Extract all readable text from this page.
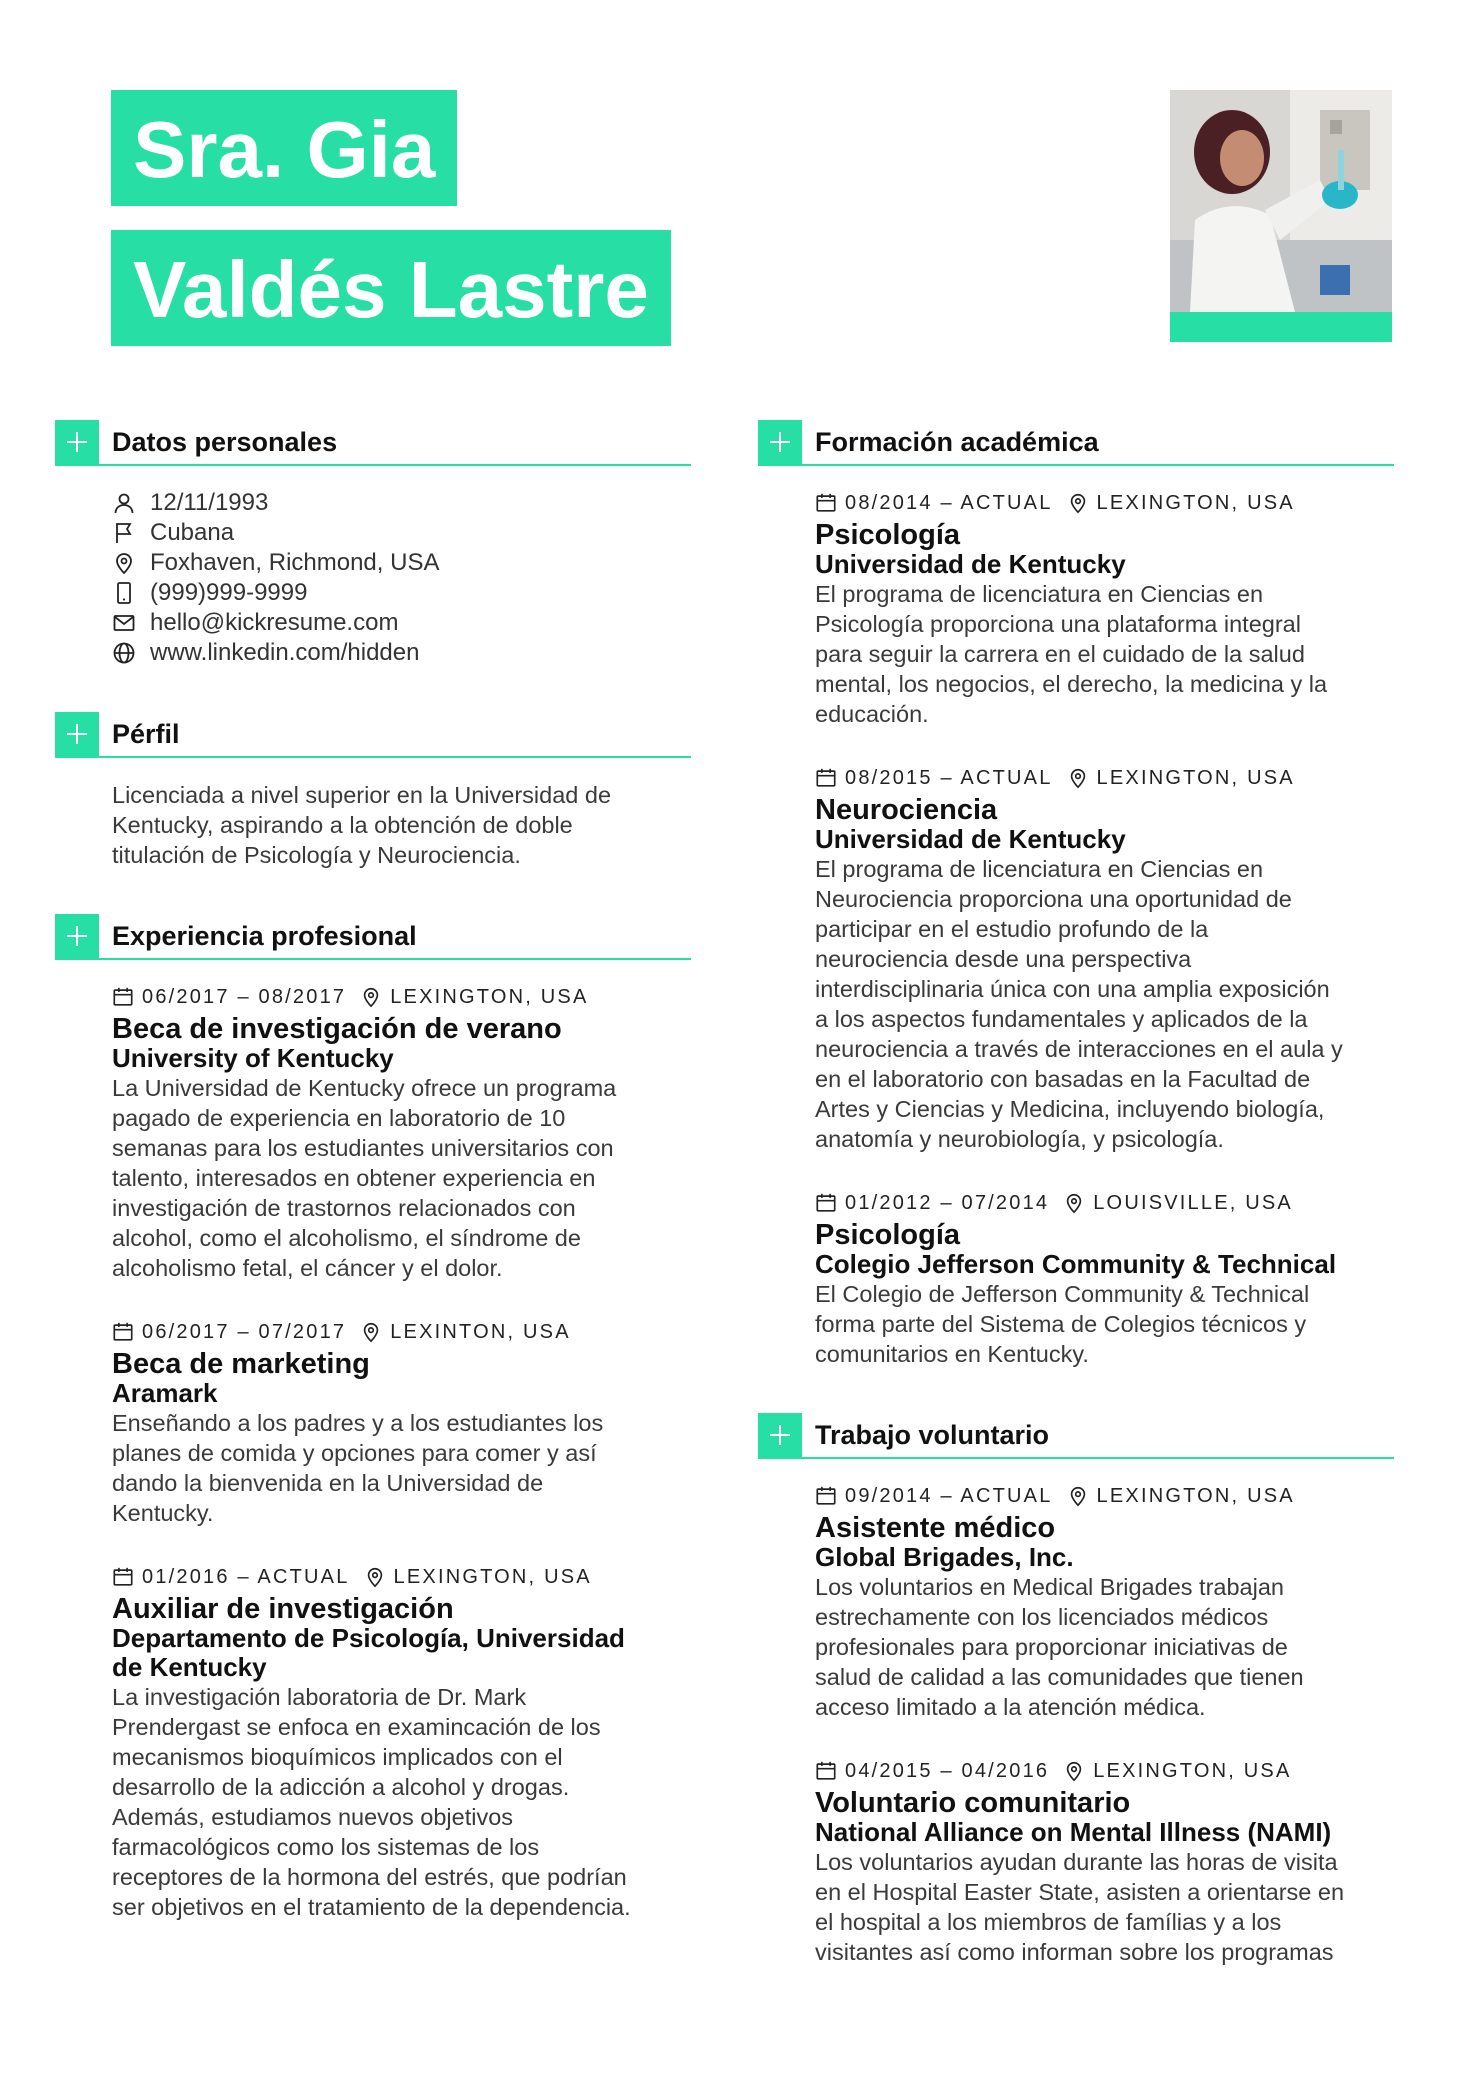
Sra. Gia
Valdés Lastre
Datos personales
12/11/1993
Cubana
Foxhaven, Richmond, USA
(999)999-9999
hello@kickresume.com
www.linkedin.com/hidden
Pérfil

Licenciada a nivel superior en la Universidad de
Kentucky, aspirando a la obtención de doble
titulación de Psicología y Neurociencia.

Experiencia profesional
06/2017 – 08/2017 LEXINGTON, USA
Beca de investigación de verano
University of Kentucky

La Universidad de Kentucky ofrece un programa
pagado de experiencia en laboratorio de 10
semanas para los estudiantes universitarios con
talento, interesados en obtener experiencia en
investigación de trastornos relacionados con
alcohol, como el alcoholismo, el síndrome de
alcoholismo fetal, el cáncer y el dolor.

06/2017 – 07/2017 LEXINTON, USA
Beca de marketing
Aramark

Enseñando a los padres y a los estudiantes los
planes de comida y opciones para comer y así
dando la bienvenida en la Universidad de
Kentucky.

01/2016 – ACTUAL LEXINGTON, USA
Auxiliar de investigación
Departamento de Psicología, Universidad
de Kentucky

La investigación laboratoria de Dr. Mark
Prendergast se enfoca en examincación de los
mecanismos bioquímicos implicados con el
desarrollo de la adicción a alcohol y drogas.
Además, estudiamos nuevos objetivos
farmacológicos como los sistemas de los
receptores de la hormona del estrés, que podrían
ser objetivos en el tratamiento de la dependencia.

Formación académica
08/2014 – ACTUAL LEXINGTON, USA
Psicología
Universidad de Kentucky

El programa de licenciatura en Ciencias en
Psicología proporciona una plataforma integral
para seguir la carrera en el cuidado de la salud
mental, los negocios, el derecho, la medicina y la
educación.

08/2015 – ACTUAL LEXINGTON, USA
Neurociencia
Universidad de Kentucky

El programa de licenciatura en Ciencias en
Neurociencia proporciona una oportunidad de
participar en el estudio profundo de la
neurociencia desde una perspectiva
interdisciplinaria única con una amplia exposición
a los aspectos fundamentales y aplicados de la
neurociencia a través de interacciones en el aula y
en el laboratorio con basadas en la Facultad de
Artes y Ciencias y Medicina, incluyendo biología,
anatomía y neurobiología, y psicología.

01/2012 – 07/2014 LOUISVILLE, USA
Psicología
Colegio Jefferson Community & Technical

El Colegio de Jefferson Community & Technical
forma parte del Sistema de Colegios técnicos y
comunitarios en Kentucky.

Trabajo voluntario
09/2014 – ACTUAL LEXINGTON, USA
Asistente médico
Global Brigades, Inc.

Los voluntarios en Medical Brigades trabajan
estrechamente con los licenciados médicos
profesionales para proporcionar iniciativas de
salud de calidad a las comunidades que tienen
acceso limitado a la atención médica.

04/2015 – 04/2016 LEXINGTON, USA
Voluntario comunitario
National Alliance on Mental Illness (NAMI)

Los voluntarios ayudan durante las horas de visita
en el Hospital Easter State, asisten a orientarse en
el hospital a los miembros de famílias y a los
visitantes así como informan sobre los programas
